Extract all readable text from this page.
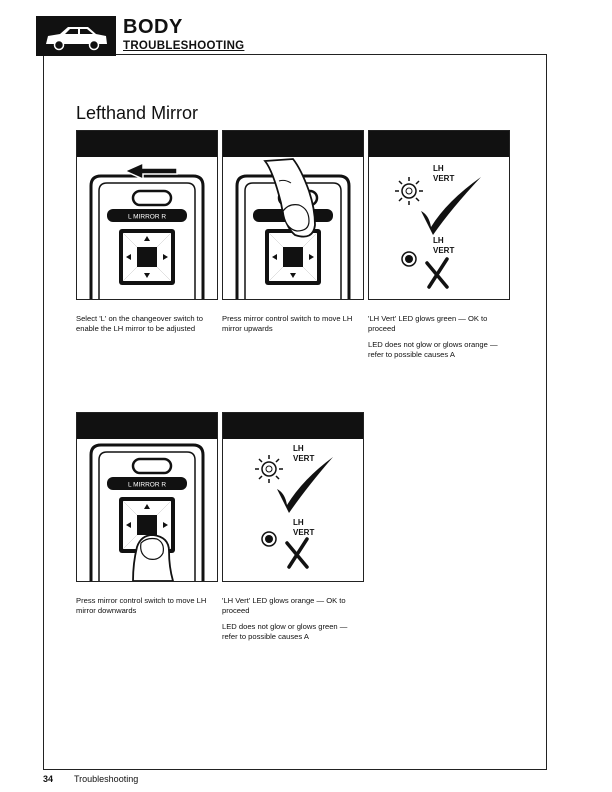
BODY
TROUBLESHOOTING
Lefthand Mirror
L MIRROR R
LH
VERT
LH
VERT

Select 'L' on the changeover switch to enable the LH mirror to be adjusted

Press mirror control switch to move LH mirror upwards

'LH Vert' LED glows green — OK to proceed

LED does not glow or glows orange — refer to possible causes A

L MIRROR R
LH
VERT
LH
VERT

Press mirror control switch to move LH mirror downwards

'LH Vert' LED glows orange — OK to proceed

LED does not glow or glows green — refer to possible causes A

34 Troubleshooting
